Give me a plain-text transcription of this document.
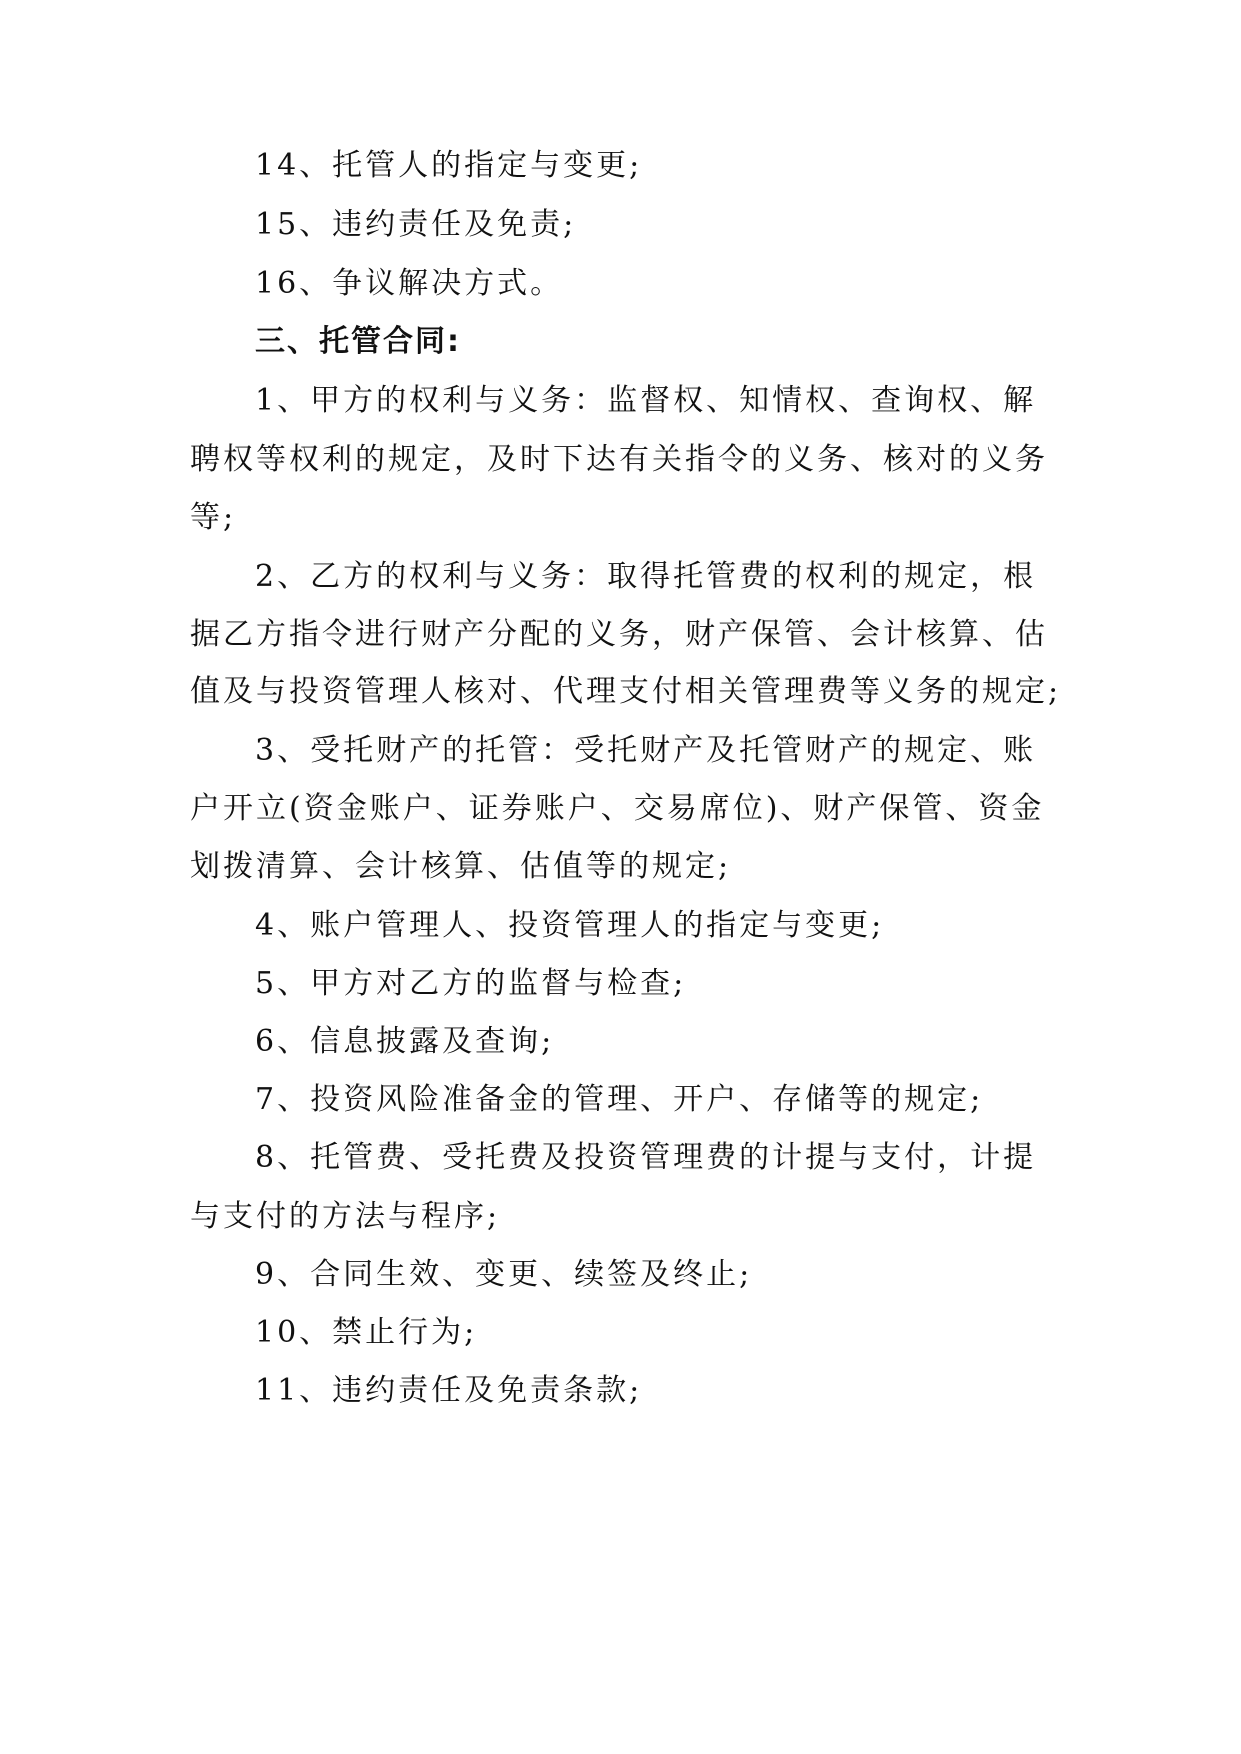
14、托管人的指定与变更;
15、违约责任及免责;
16、争议解决方式。
三、托管合同:
1、甲方的权利与义务：监督权、知情权、查询权、解
聘权等权利的规定，及时下达有关指令的义务、核对的义务
等;
2、乙方的权利与义务：取得托管费的权利的规定，根
据乙方指令进行财产分配的义务，财产保管、会计核算、估
值及与投资管理人核对、代理支付相关管理费等义务的规定;
3、受托财产的托管：受托财产及托管财产的规定、账
户开立(资金账户、证券账户、交易席位)、财产保管、资金
划拨清算、会计核算、估值等的规定;
4、账户管理人、投资管理人的指定与变更;
5、甲方对乙方的监督与检查;
6、信息披露及查询;
7、投资风险准备金的管理、开户、存储等的规定;
8、托管费、受托费及投资管理费的计提与支付，计提
与支付的方法与程序;
9、合同生效、变更、续签及终止;
10、禁止行为;
11、违约责任及免责条款;
